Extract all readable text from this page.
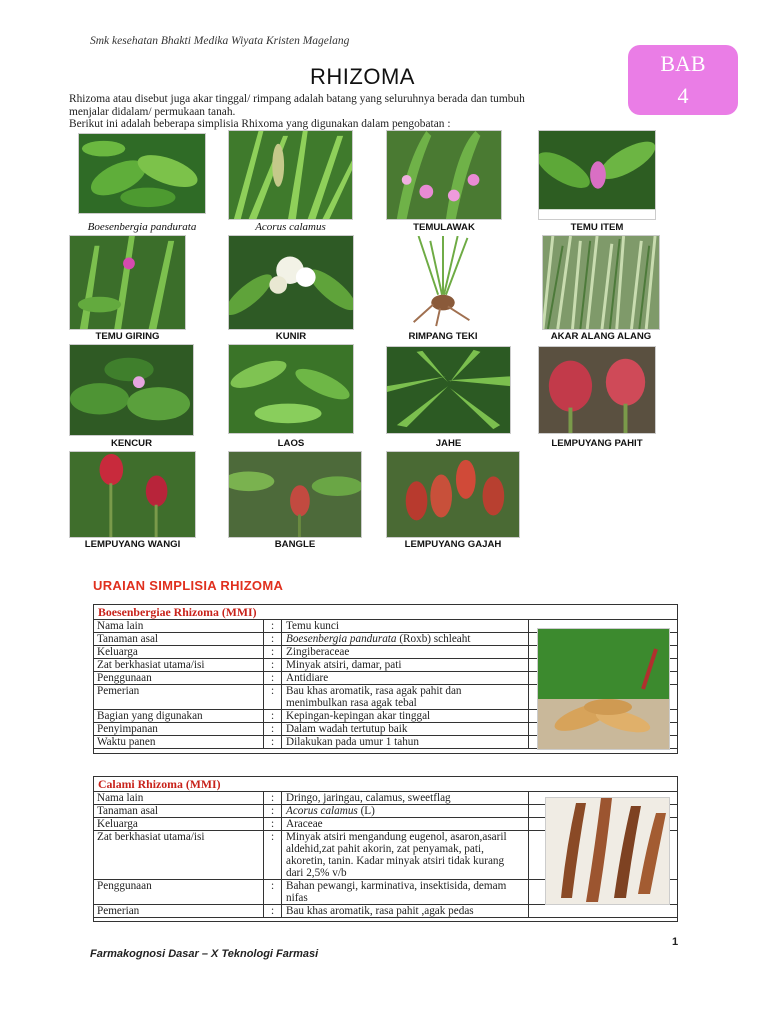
Smk kesehatan Bhakti Medika Wiyata Kristen Magelang
BAB
4
RHIZOMA

Rhizoma atau disebut juga akar tinggal/ rimpang adalah batang yang seluruhnya berada dan tumbuh

menjalar didalam/ permukaan tanah.

Berikut ini adalah beberapa simplisia Rhixoma yang digunakan dalam pengobatan :

Boesenbergia pandurata	Acorus calamus	TEMULAWAK	TEMU ITEM
TEMU GIRING	KUNIR	RIMPANG TEKI	AKAR ALANG ALANG
KENCUR	LAOS	JAHE	LEMPUYANG PAHIT
LEMPUYANG WANGI	BANGLE	LEMPUYANG GAJAH
URAIAN SIMPLISIA RHIZOMA
Boesenbergiae Rhizoma (MMI)
Nama lain	:	Temu kunci
Tanaman asal	:	Boesenbergia pandurata (Roxb) schleaht
Keluarga	:	Zingiberaceae
Zat berkhasiat utama/isi	:	Minyak atsiri, damar, pati
Penggunaan	:	Antidiare
Pemerian	:	Bau khas aromatik, rasa agak pahit dan menimbulkan rasa agak tebal
Bagian yang digunakan	:	Kepingan-kepingan akar tinggal
Penyimpanan	:	Dalam wadah tertutup baik
Waktu panen	:	Dilakukan pada umur 1 tahun
Calami Rhizoma (MMI)
Nama lain	:	Dringo, jaringau, calamus, sweetflag
Tanaman asal	:	Acorus calamus (L)
Keluarga	:	Araceae
Zat berkhasiat utama/isi	:	Minyak atsiri mengandung eugenol, asaron,asaril aldehid,zat pahit akorin, zat penyamak, pati, akoretin, tanin. Kadar minyak atsiri tidak kurang dari 2,5% v/b
Penggunaan	:	Bahan pewangi, karminativa, insektisida, demam nifas
Pemerian	:	Bau khas aromatik, rasa pahit ,agak pedas
1
Farmakognosi Dasar – X Teknologi Farmasi
